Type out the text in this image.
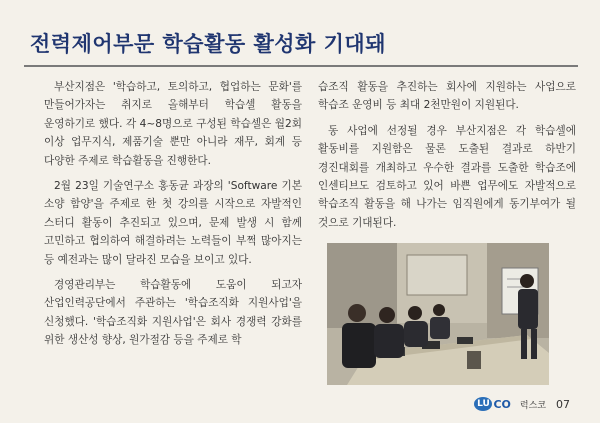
전력제어부문 학습활동 활성화 기대돼

부산지점은 '학습하고, 토의하고, 협업하는 문화'를 만들어가자는 취지로 올해부터 학습셀 활동을 운영하기로 했다. 각 4~8명으로 구성된 학습셀은 월2회 이상 업무지식, 제품기술 뿐만 아니라 재무, 회계 등 다양한 주제로 학습활동을 진행한다.

2월 23일 기술연구소 홍동균 과장의 'Software 기본 소양 함양'을 주제로 한 첫 강의를 시작으로 자발적인 스터디 활동이 추진되고 있으며, 문제 발생 시 함께 고민하고 협의하여 해결하려는 노력들이 부쩍 많아지는 등 예전과는 많이 달라진 모습을 보이고 있다.

경영관리부는 학습활동에 도움이 되고자 산업인력공단에서 주관하는 '학습조직화 지원사업'을 신청했다. '학습조직화 지원사업'은 회사 경쟁력 강화를 위한 생산성 향상, 원가절감 등을 주제로 학

습조직 활동을 추진하는 회사에 지원하는 사업으로 학습조 운영비 등 최대 2천만원이 지원된다.

동 사업에 선정될 경우 부산지점은 각 학습셀에 활동비를 지원함은 물론 도출된 결과로 하반기 경진대회를 개최하고 우수한 결과를 도출한 학습조에 인센티브도 검토하고 있어 바쁜 업무에도 자발적으로 학습조직 활동을 해 나가는 임직원에게 동기부여가 될 것으로 기대된다.

LU CO 럭스코 07
